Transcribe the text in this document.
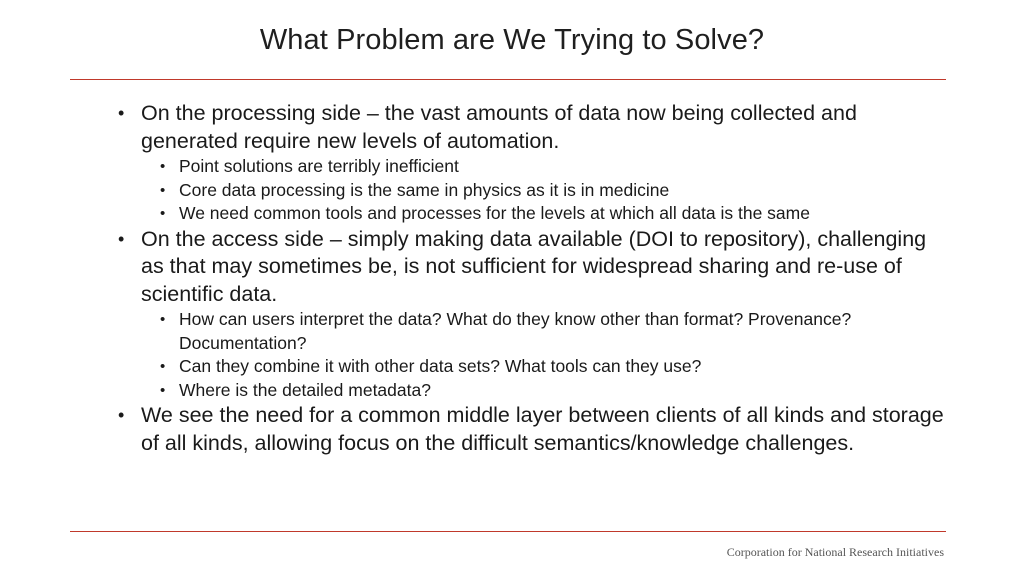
What Problem are We Trying to Solve?
• On the processing side – the vast amounts of data now being collected and generated require new levels of automation.
• Point solutions are terribly inefficient
• Core data processing is the same in physics as it is in medicine
• We need common tools and processes for the levels at which all data is the same
• On the access side – simply making data available (DOI to repository), challenging as that may sometimes be, is not sufficient for widespread sharing and re-use of scientific data.
• How can users interpret the data? What do they know other than format? Provenance? Documentation?
• Can they combine it with other data sets? What tools can they use?
• Where is the detailed metadata?
• We see the need for a common middle layer between clients of all kinds and storage of all kinds, allowing focus on the difficult semantics/knowledge challenges.
Corporation for National Research Initiatives
